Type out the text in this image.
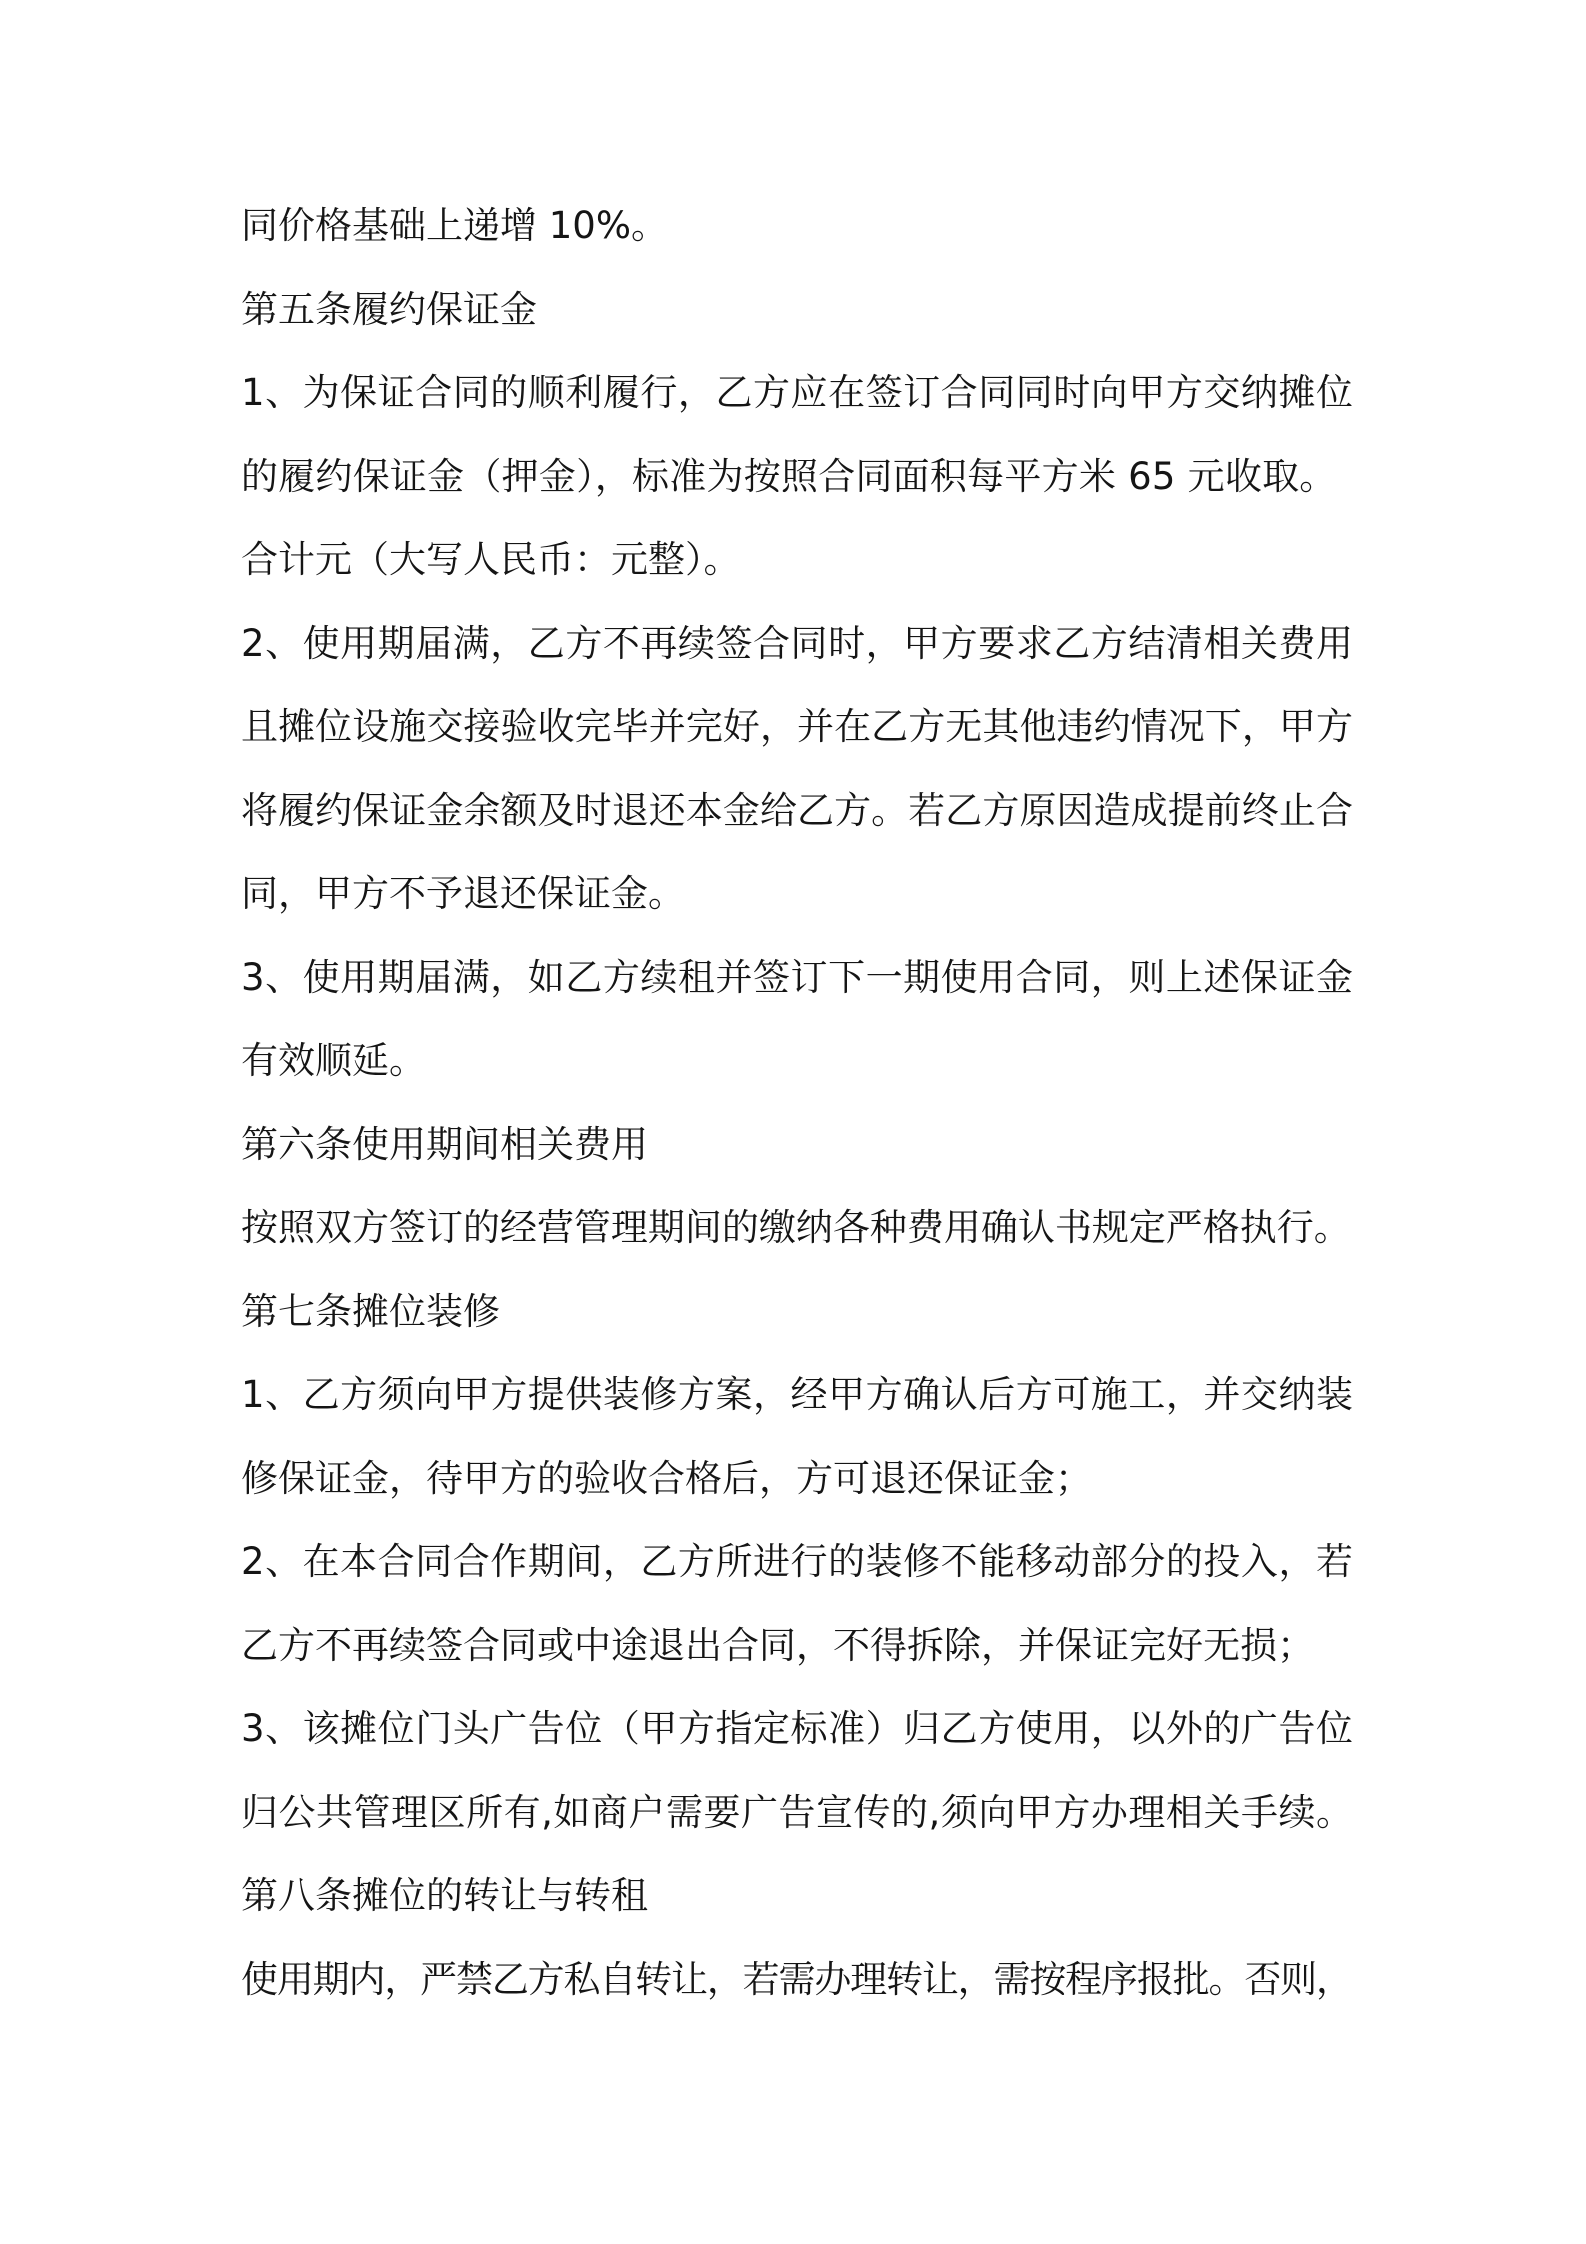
同价格基础上递增 10%。
第五条履约保证金
1、为保证合同的顺利履行，乙方应在签订合同同时向甲方交纳摊位
的履约保证金（押金），标准为按照合同面积每平方米 65 元收取。
合计元（大写人民币：元整）。
2、使用期届满，乙方不再续签合同时，甲方要求乙方结清相关费用
且摊位设施交接验收完毕并完好，并在乙方无其他违约情况下，甲方
将履约保证金余额及时退还本金给乙方。若乙方原因造成提前终止合
同，甲方不予退还保证金。
3、使用期届满，如乙方续租并签订下一期使用合同，则上述保证金
有效顺延。
第六条使用期间相关费用
按照双方签订的经营管理期间的缴纳各种费用确认书规定严格执行。
第七条摊位装修
1、乙方须向甲方提供装修方案，经甲方确认后方可施工，并交纳装
修保证金，待甲方的验收合格后，方可退还保证金；
2、在本合同合作期间，乙方所进行的装修不能移动部分的投入，若
乙方不再续签合同或中途退出合同，不得拆除，并保证完好无损；
3、该摊位门头广告位（甲方指定标准）归乙方使用，以外的广告位
归公共管理区所有,如商户需要广告宣传的,须向甲方办理相关手续。
第八条摊位的转让与转租
使用期内，严禁乙方私自转让，若需办理转让，需按程序报批。否则，
